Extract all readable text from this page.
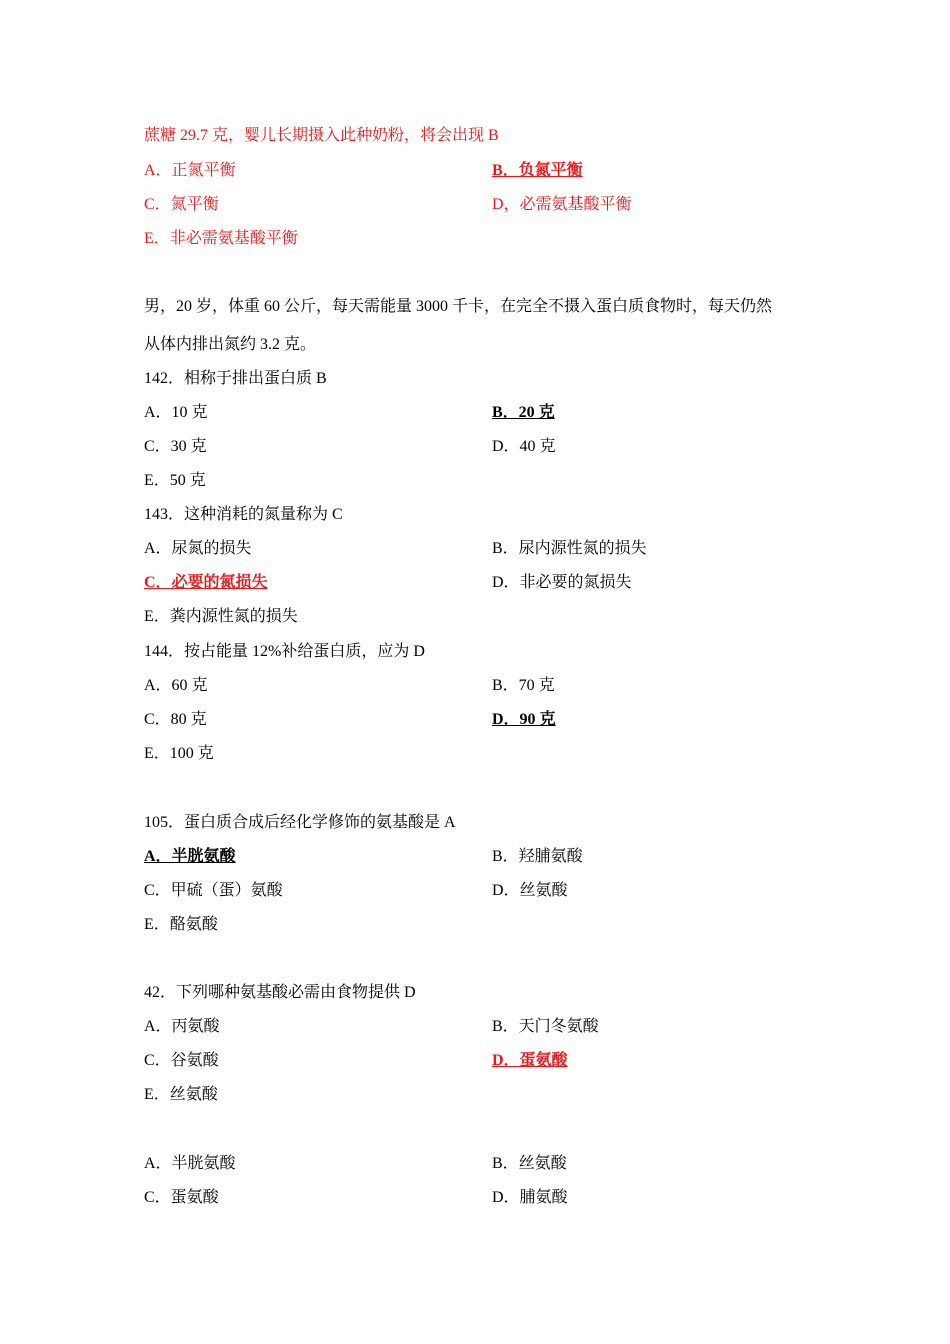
蔗糖 29.7 克，婴儿长期摄入此种奶粉，将会出现 B
A．正氮平衡	B．负氮平衡
C．氮平衡	D，必需氨基酸平衡
E．非必需氨基酸平衡
男，20 岁，体重 60 公斤，每天需能量 3000 千卡，在完全不摄入蛋白质食物时，每天仍然
从体内排出氮约 3.2 克。
142．相称于排出蛋白质 B
A．10 克	B．20 克
C．30 克	D．40 克
E．50 克
143．这种消耗的氮量称为 C
A．尿氮的损失	B．尿内源性氮的损失
C．必要的氮损失	D．非必要的氮损失
E．粪内源性氮的损失
144．按占能量 12%补给蛋白质，应为 D
A．60 克	B．70 克
C．80 克	D．90 克
E．100 克
105．蛋白质合成后经化学修饰的氨基酸是 A
A．半胱氨酸	B．羟脯氨酸
C．甲硫（蛋）氨酸	D．丝氨酸
E．酪氨酸
42．下列哪种氨基酸必需由食物提供 D
A．丙氨酸	B．天门冬氨酸
C．谷氨酸	D．蛋氨酸
E．丝氨酸
A．半胱氨酸	B．丝氨酸
C．蛋氨酸	D．脯氨酸
